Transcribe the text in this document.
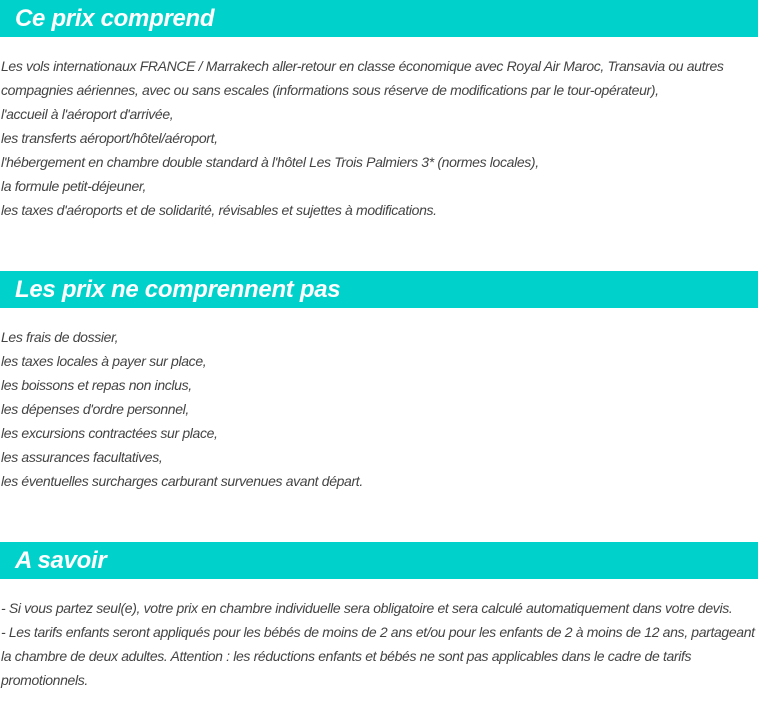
Ce prix comprend

Les vols internationaux FRANCE / Marrakech aller-retour en classe économique avec Royal Air Maroc, Transavia ou autres compagnies aériennes, avec ou sans escales (informations sous réserve de modifications par le tour-opérateur),

l'accueil à l'aéroport d'arrivée,

les transferts aéroport/hôtel/aéroport,

l'hébergement en chambre double standard à l'hôtel Les Trois Palmiers 3* (normes locales),

la formule petit-déjeuner,

les taxes d'aéroports et de solidarité, révisables et sujettes à modifications.

Les prix ne comprennent pas

Les frais de dossier,

les taxes locales à payer sur place,

les boissons et repas non inclus,

les dépenses d'ordre personnel,

les excursions contractées sur place,

les assurances facultatives,

les éventuelles surcharges carburant survenues avant départ.

A savoir

- Si vous partez seul(e), votre prix en chambre individuelle sera obligatoire et sera calculé automatiquement dans votre devis.

- Les tarifs enfants seront appliqués pour les bébés de moins de 2 ans et/ou pour les enfants de 2 à moins de 12 ans, partageant la chambre de deux adultes. Attention : les réductions enfants et bébés ne sont pas applicables dans le cadre de tarifs promotionnels.
